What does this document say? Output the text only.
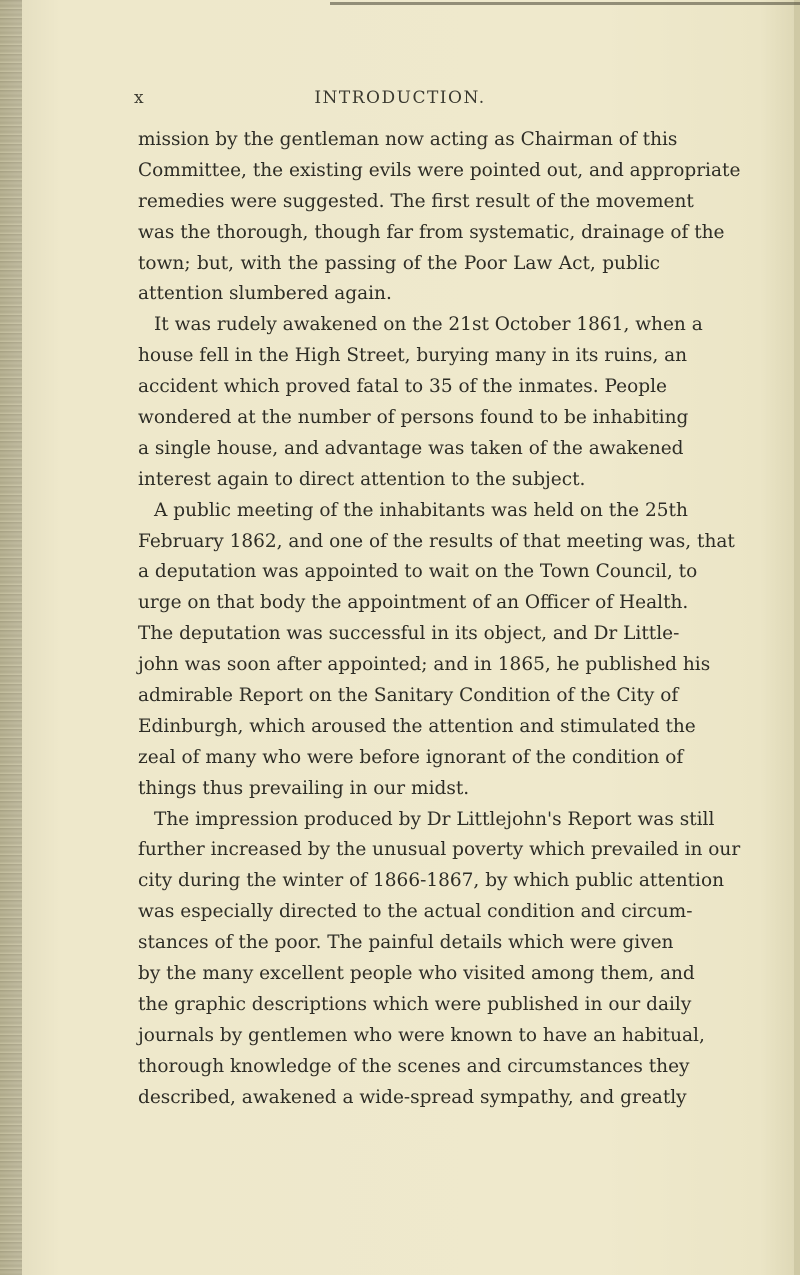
x	INTRODUCTION.
mission by the gentleman now acting as Chairman of this
Committee, the existing evils were pointed out, and appropriate
remedies were suggested. The first result of the movement
was the thorough, though far from systematic, drainage of the
town; but, with the passing of the Poor Law Act, public
attention slumbered again.
It was rudely awakened on the 21st October 1861, when a
house fell in the High Street, burying many in its ruins, an
accident which proved fatal to 35 of the inmates. People
wondered at the number of persons found to be inhabiting
a single house, and advantage was taken of the awakened
interest again to direct attention to the subject.
A public meeting of the inhabitants was held on the 25th
February 1862, and one of the results of that meeting was, that
a deputation was appointed to wait on the Town Council, to
urge on that body the appointment of an Officer of Health.
The deputation was successful in its object, and Dr Little-
john was soon after appointed; and in 1865, he published his
admirable Report on the Sanitary Condition of the City of
Edinburgh, which aroused the attention and stimulated the
zeal of many who were before ignorant of the condition of
things thus prevailing in our midst.
The impression produced by Dr Littlejohn's Report was still
further increased by the unusual poverty which prevailed in our
city during the winter of 1866-1867, by which public attention
was especially directed to the actual condition and circum-
stances of the poor. The painful details which were given
by the many excellent people who visited among them, and
the graphic descriptions which were published in our daily
journals by gentlemen who were known to have an habitual,
thorough knowledge of the scenes and circumstances they
described, awakened a wide-spread sympathy, and greatly
